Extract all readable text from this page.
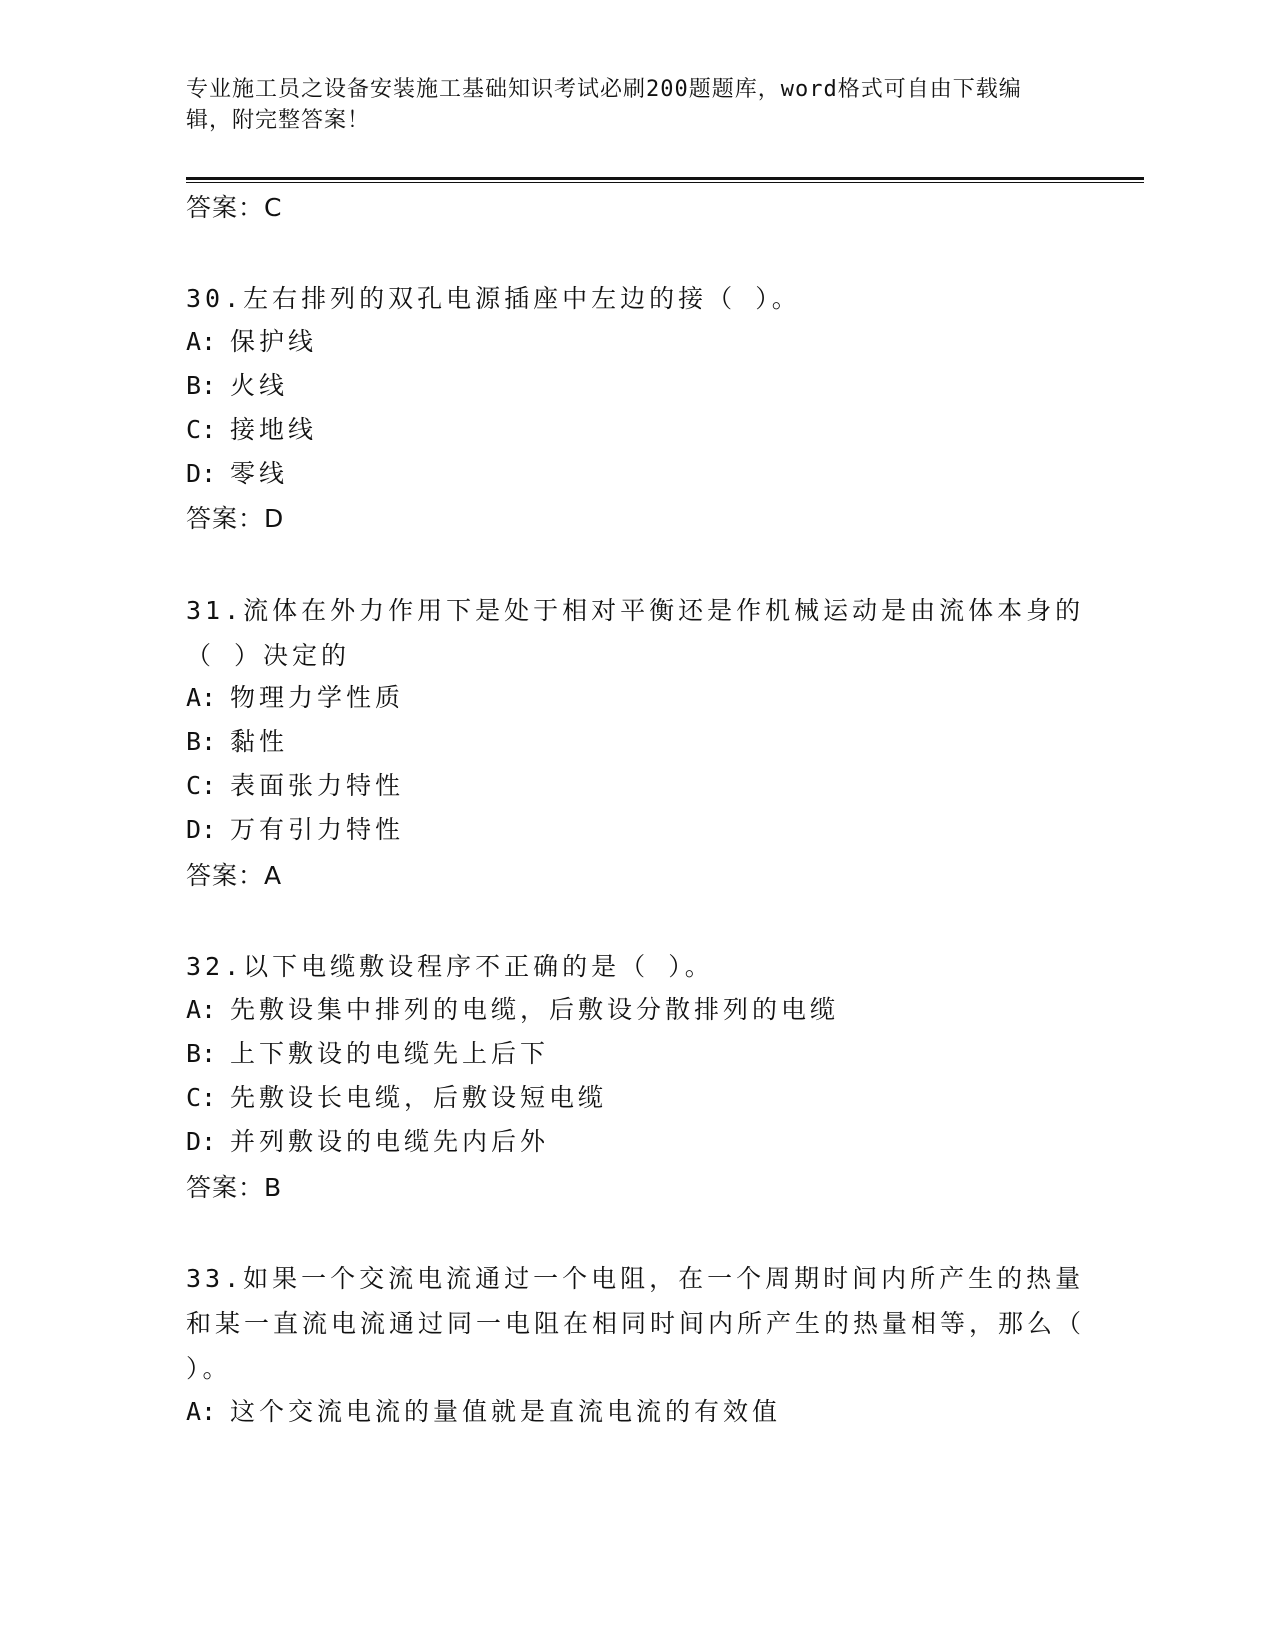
专业施工员之设备安装施工基础知识考试必刷200题题库，word格式可自由下载编辑，附完整答案！
答案：C
30.左右排列的双孔电源插座中左边的接（ ）。
A: 保护线
B: 火线
C: 接地线
D: 零线
答案：D
31.流体在外力作用下是处于相对平衡还是作机械运动是由流体本身的（ ）决定的
A: 物理力学性质
B: 黏性
C: 表面张力特性
D: 万有引力特性
答案：A
32.以下电缆敷设程序不正确的是（ ）。
A: 先敷设集中排列的电缆，后敷设分散排列的电缆
B: 上下敷设的电缆先上后下
C: 先敷设长电缆，后敷设短电缆
D: 并列敷设的电缆先内后外
答案：B
33.如果一个交流电流通过一个电阻，在一个周期时间内所产生的热量和某一直流电流通过同一电阻在相同时间内所产生的热量相等，那么（ ）。
A: 这个交流电流的量值就是直流电流的有效值
